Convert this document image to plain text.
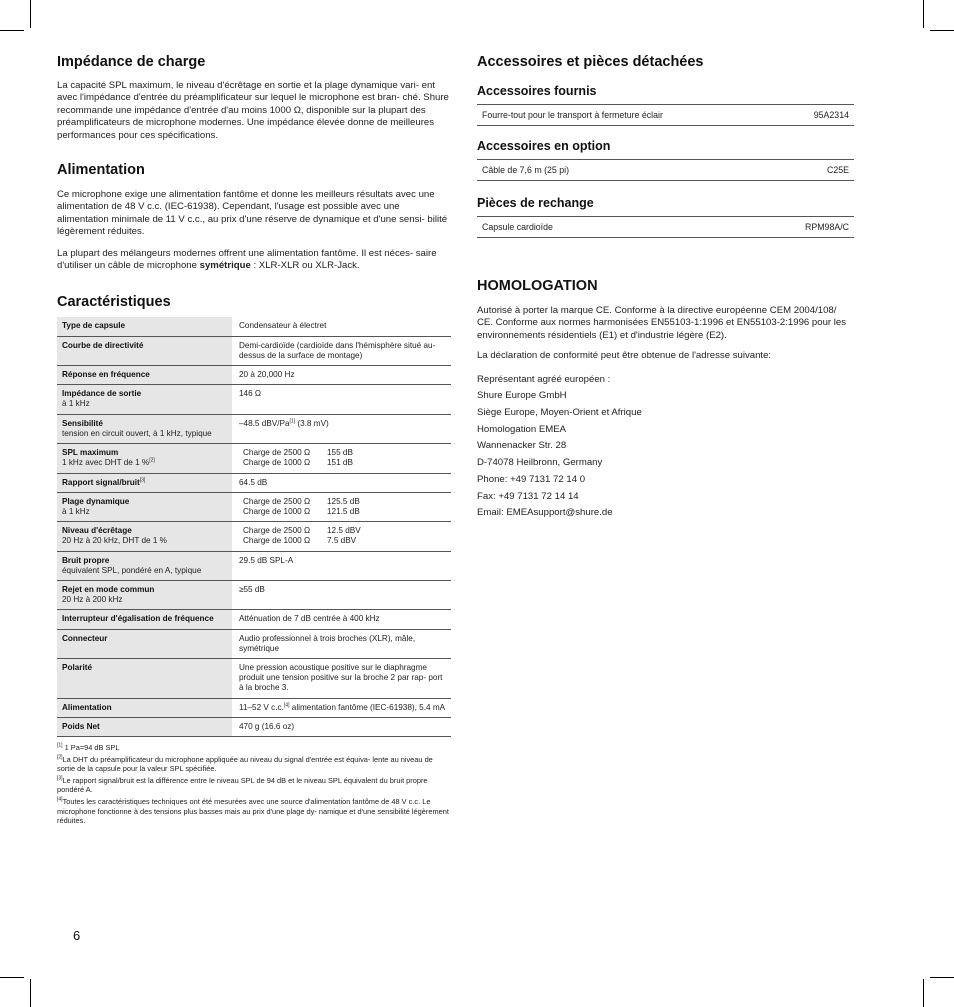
Impédance de charge

La capacité SPL maximum, le niveau d'écrêtage en sortie et la plage dynamique vari- ent avec l'impédance d'entrée du préamplificateur sur lequel le microphone est bran- ché. Shure recommande une impédance d'entrée d'au moins 1000 Ω, disponible sur la plupart des préamplificateurs de microphone modernes. Une impédance élevée donne de meilleures performances pour ces spécifications.

Alimentation

Ce microphone exige une alimentation fantôme et donne les meilleurs résultats avec une alimentation de 48 V c.c. (IEC-61938). Cependant, l'usage est possible avec une alimentation minimale de 11 V c.c., au prix d'une réserve de dynamique et d'une sensi- bilité légèrement réduites.

La plupart des mélangeurs modernes offrent une alimentation fantôme. Il est néces- saire d'utiliser un câble de microphone symétrique : XLR-XLR ou XLR-Jack.

Caractéristiques
Type de capsule	Condensateur à électret
Courbe de directivité	Demi-cardioïde (cardioïde dans l'hémisphère situé au-dessus de la surface de montage)
Réponse en fréquence	20 à 20,000 Hz
Impédance de sortie
à 1 kHz	146 Ω
Sensibilité
tension en circuit ouvert, à 1 kHz, typique	–48.5 dBV/Pa[1] (3.8 mV)
SPL maximum
1 kHz avec DHT de 1 %[2]	Charge de 2500 Ω 155 dB
Charge de 1000 Ω 151 dB

Rapport signal/bruit[3]	64.5 dB
Plage dynamique
à 1 kHz	Charge de 2500 Ω 125.5 dB
Charge de 1000 Ω 121.5 dB

Niveau d'écrêtage
20 Hz à 20 kHz, DHT de 1 %	Charge de 2500 Ω 12.5 dBV
Charge de 1000 Ω 7.5 dBV

Bruit propre
équivalent SPL, pondéré en A, typique	29.5 dB SPL-A
Rejet en mode commun
20 Hz à 200 kHz	≥55 dB
Interrupteur d'égalisation de fréquence	Atténuation de 7 dB centrée à 400 kHz
Connecteur	Audio professionnel à trois broches (XLR), mâle, symétrique
Polarité	Une pression acoustique positive sur le diaphragme produit une tension positive sur la broche 2 par rap- port à la broche 3.
Alimentation	11–52 V c.c.[4] alimentation fantôme (IEC-61938), 5.4 mA
Poids Net	470 g (16.6 oz)

[1] 1 Pa=94 dB SPL

[2]La DHT du préamplificateur du microphone appliquée au niveau du signal d'entrée est équiva- lente au niveau de sortie de la capsule pour la valeur SPL spécifiée.

[3]Le rapport signal/bruit est la différence entre le niveau SPL de 94 dB et le niveau SPL équivalent du bruit propre pondéré A.

[4]Toutes les caractéristiques techniques ont été mesurées avec une source d'alimentation fantôme de 48 V c.c. Le microphone fonctionne à des tensions plus basses mais au prix d'une plage dy- namique et d'une sensibilité légèrement réduites.

Accessoires et pièces détachées
Accessoires fournis
Fourre-tout pour le transport à fermeture éclair	95A2314
Accessoires en option
Câble de 7,6 m (25 pi)	C25E
Pièces de rechange
Capsule cardioïde	RPM98A/C
HOMOLOGATION

Autorisé à porter la marque CE. Conforme à la directive européenne CEM 2004/108/ CE. Conforme aux normes harmonisées EN55103-1:1996 et EN55103-2:1996 pour les environnements résidentiels (E1) et d'industrie légère (E2).

La déclaration de conformité peut être obtenue de l'adresse suivante:

Représentant agréé européen :

Shure Europe GmbH

Siège Europe, Moyen-Orient et Afrique

Homologation EMEA

Wannenacker Str. 28

D-74078 Heilbronn, Germany

Phone: +49 7131 72 14 0

Fax: +49 7131 72 14 14

Email: EMEAsupport@shure.de

6
